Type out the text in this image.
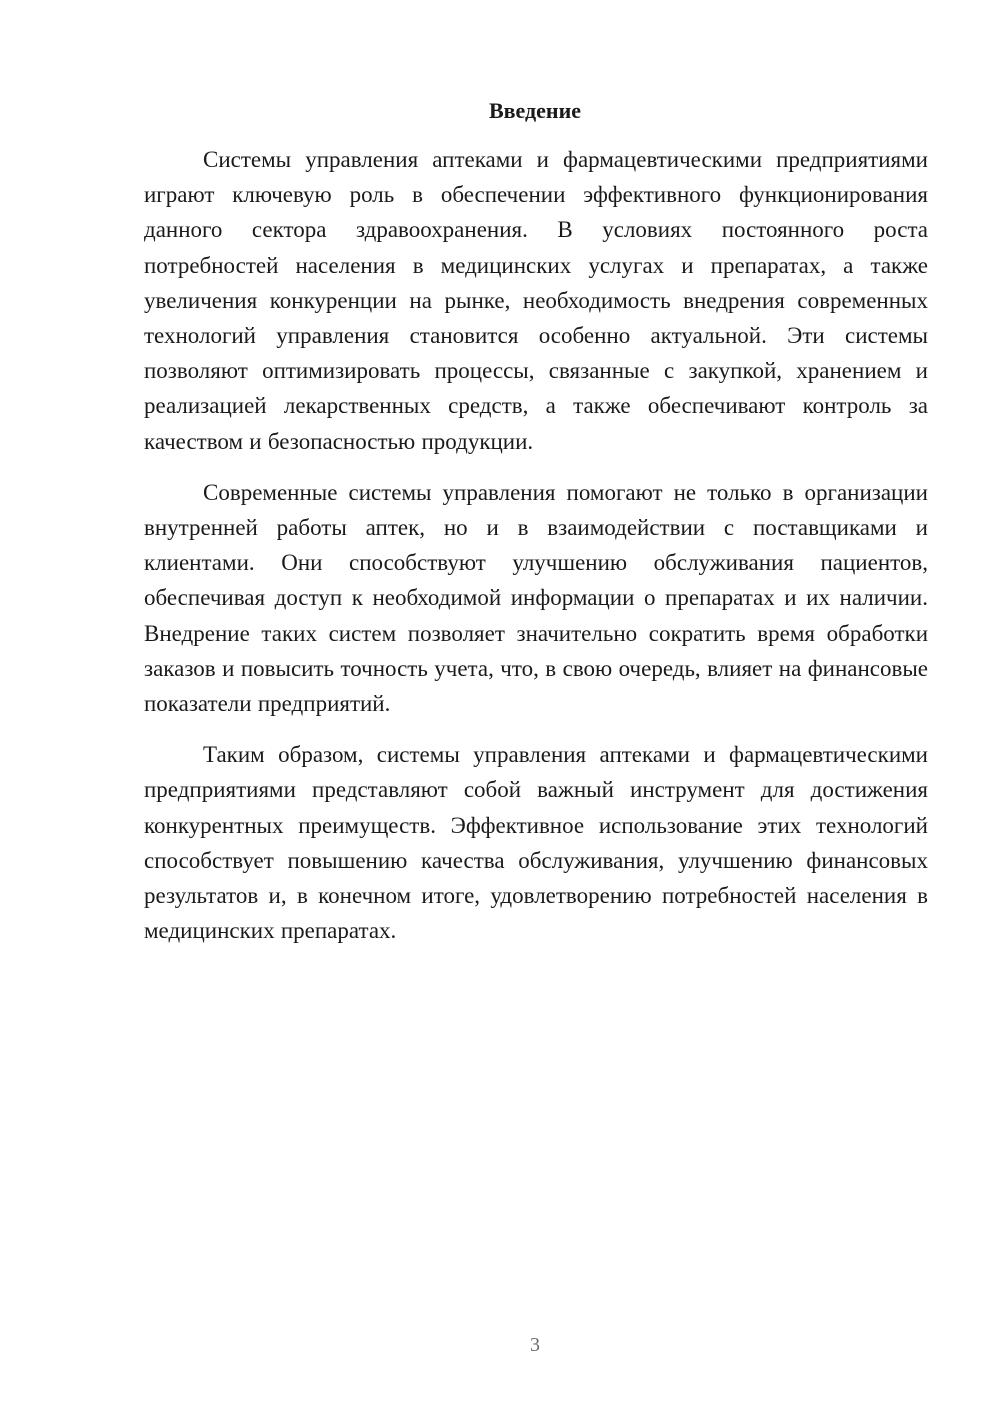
Введение

Системы управления аптеками и фармацевтическими предприятиями играют ключевую роль в обеспечении эффективного функционирования данного сектора здравоохранения. В условиях постоянного роста потребностей населения в медицинских услугах и препаратах, а также увеличения конкуренции на рынке, необходимость внедрения современных технологий управления становится особенно актуальной. Эти системы позволяют оптимизировать процессы, связанные с закупкой, хранением и реализацией лекарственных средств, а также обеспечивают контроль за качеством и безопасностью продукции.

Современные системы управления помогают не только в организации внутренней работы аптек, но и в взаимодействии с поставщиками и клиентами. Они способствуют улучшению обслуживания пациентов, обеспечивая доступ к необходимой информации о препаратах и их наличии. Внедрение таких систем позволяет значительно сократить время обработки заказов и повысить точность учета, что, в свою очередь, влияет на финансовые показатели предприятий.

Таким образом, системы управления аптеками и фармацевтическими предприятиями представляют собой важный инструмент для достижения конкурентных преимуществ. Эффективное использование этих технологий способствует повышению качества обслуживания, улучшению финансовых результатов и, в конечном итоге, удовлетворению потребностей населения в медицинских препаратах.

3
